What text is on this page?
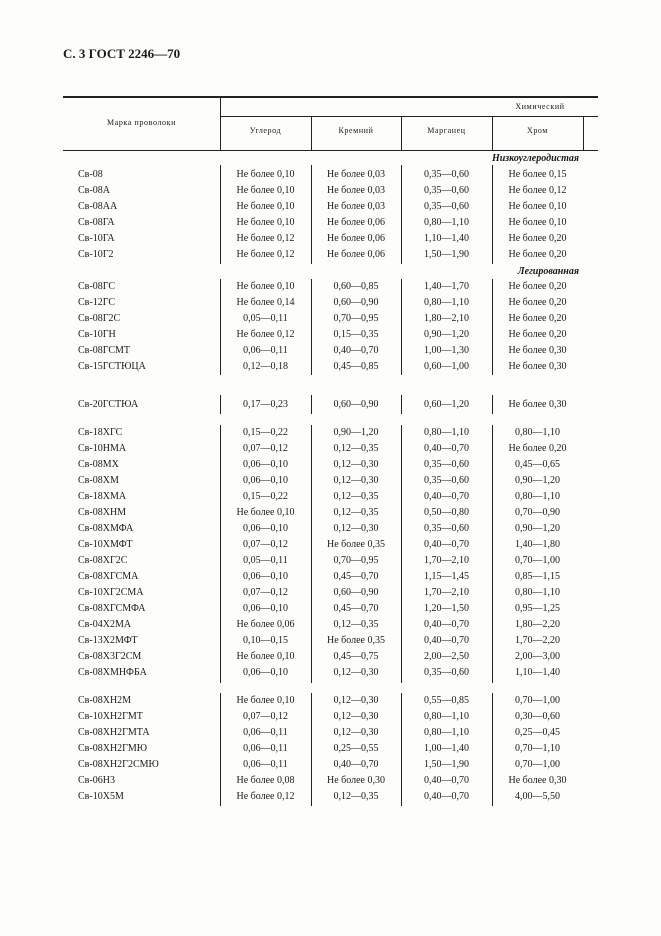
С. 3 ГОСТ 2246—70
Марка проволоки
Химический
Углерод	Кремний	Марганец	Хром
Низкоуглеродистая
Легированная
Св-08	Не более 0,10	Не более 0,03	0,35—0,60	Не более 0,15
Св-08А	Не более 0,10	Не более 0,03	0,35—0,60	Не более 0,12
Св-08АА	Не более 0,10	Не более 0,03	0,35—0,60	Не более 0,10
Св-08ГА	Не более 0,10	Не более 0,06	0,80—1,10	Не более 0,10
Св-10ГА	Не более 0,12	Не более 0,06	1,10—1,40	Не более 0,20
Св-10Г2	Не более 0,12	Не более 0,06	1,50—1,90	Не более 0,20
Св-08ГС	Не более 0,10	0,60—0,85	1,40—1,70	Не более 0,20
Св-12ГС	Не более 0,14	0,60—0,90	0,80—1,10	Не более 0,20
Св-08Г2С	0,05—0,11	0,70—0,95	1,80—2,10	Не более 0,20
Св-10ГН	Не более 0,12	0,15—0,35	0,90—1,20	Не более 0,20
Св-08ГСМТ	0,06—0,11	0,40—0,70	1,00—1,30	Не более 0,30
Св-15ГСТЮЦА	0,12—0,18	0,45—0,85	0,60—1,00	Не более 0,30
Св-20ГСТЮА	0,17—0,23	0,60—0,90	0,60—1,20	Не более 0,30
Св-18ХГС	0,15—0,22	0,90—1,20	0,80—1,10	0,80—1,10
Св-10НМА	0,07—0,12	0,12—0,35	0,40—0,70	Не более 0,20
Св-08МХ	0,06—0,10	0,12—0,30	0,35—0,60	0,45—0,65
Св-08ХМ	0,06—0,10	0,12—0,30	0,35—0,60	0,90—1,20
Св-18ХМА	0,15—0,22	0,12—0,35	0,40—0,70	0,80—1,10
Св-08ХНМ	Не более 0,10	0,12—0,35	0,50—0,80	0,70—0,90
Св-08ХМФА	0,06—0,10	0,12—0,30	0,35—0,60	0,90—1,20
Св-10ХМФТ	0,07—0,12	Не более 0,35	0,40—0,70	1,40—1,80
Св-08ХГ2С	0,05—0,11	0,70—0,95	1,70—2,10	0,70—1,00
Св-08ХГСМА	0,06—0,10	0,45—0,70	1,15—1,45	0,85—1,15
Св-10ХГ2СМА	0,07—0,12	0,60—0,90	1,70—2,10	0,80—1,10
Св-08ХГСМФА	0,06—0,10	0,45—0,70	1,20—1,50	0,95—1,25
Св-04Х2МА	Не более 0,06	0,12—0,35	0,40—0,70	1,80—2,20
Св-13Х2МФТ	0,10—0,15	Не более 0,35	0,40—0,70	1,70—2,20
Св-08Х3Г2СМ	Не более 0,10	0,45—0,75	2,00—2,50	2,00—3,00
Св-08ХМНФБА	0,06—0,10	0,12—0,30	0,35—0,60	1,10—1,40
Св-08ХН2М	Не более 0,10	0,12—0,30	0,55—0,85	0,70—1,00
Св-10ХН2ГМТ	0,07—0,12	0,12—0,30	0,80—1,10	0,30—0,60
Св-08ХН2ГМТА	0,06—0,11	0,12—0,30	0,80—1,10	0,25—0,45
Св-08ХН2ГМЮ	0,06—0,11	0,25—0,55	1,00—1,40	0,70—1,10
Св-08ХН2Г2СМЮ	0,06—0,11	0,40—0,70	1,50—1,90	0,70—1,00
Св-06Н3	Не более 0,08	Не более 0,30	0,40—0,70	Не более 0,30
Св-10Х5М	Не более 0,12	0,12—0,35	0,40—0,70	4,00—5,50
